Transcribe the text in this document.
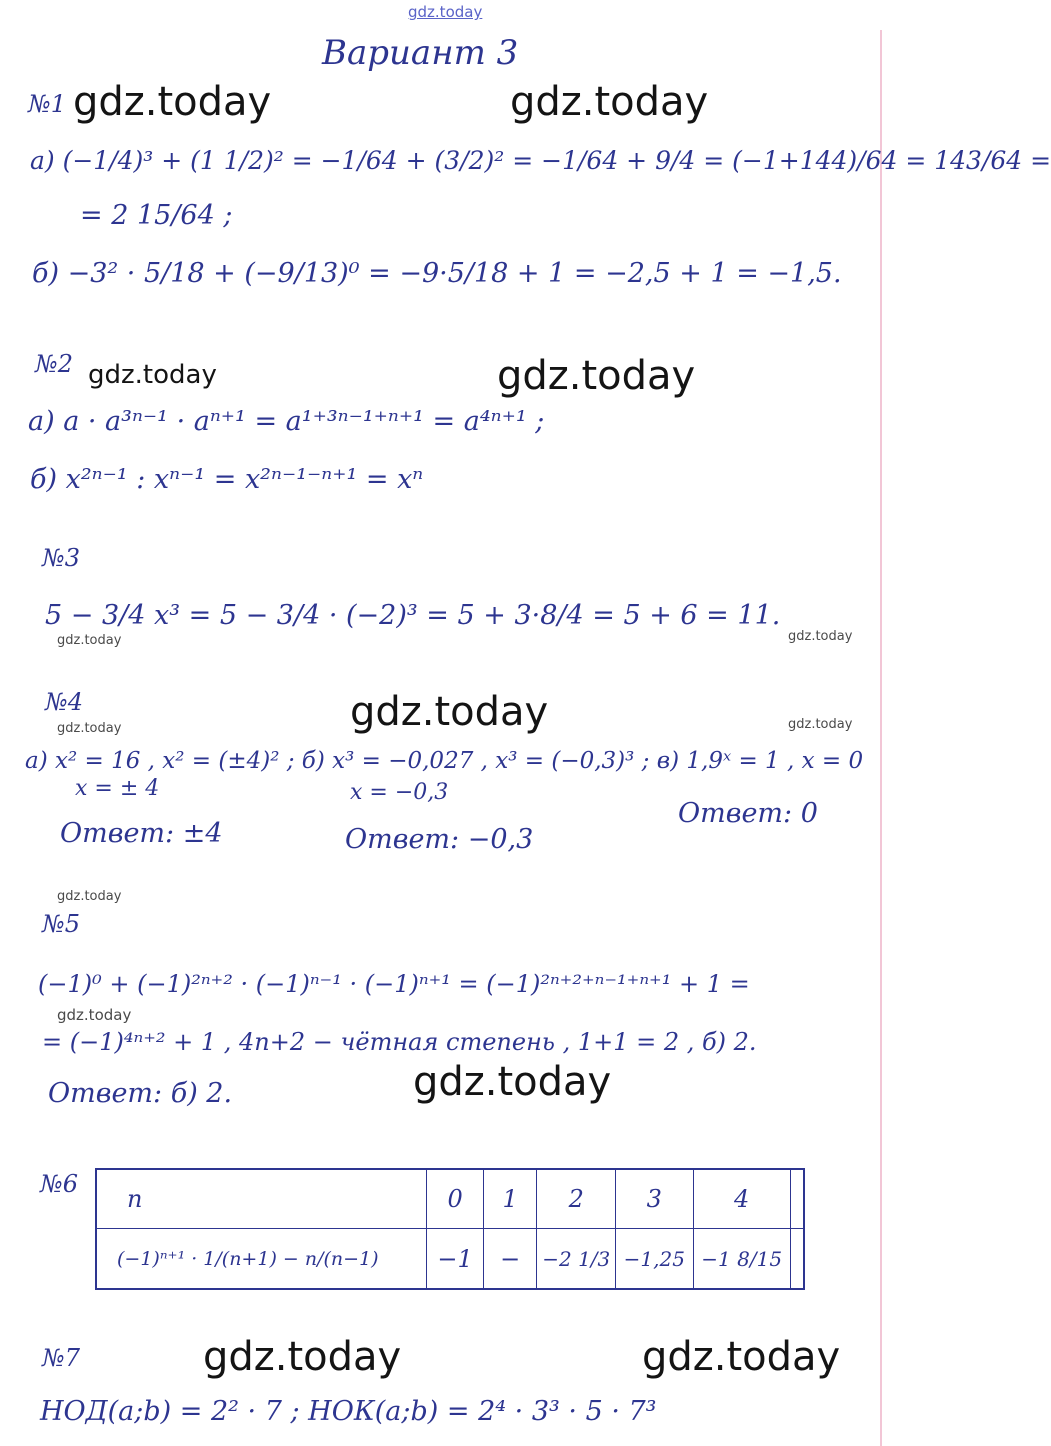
gdz.today
Вариант 3
№1 gdz.today	gdz.today
а) (−1/4)³ + (1 1/2)² = −1/64 + (3/2)² = −1/64 + 9/4 = (−1+144)/64 = 143/64 =
= 2 15/64 ;
б) −3² · 5/18 + (−9/13)⁰ = −9·5/18 + 1 = −2,5 + 1 = −1,5.
№2 gdz.today	gdz.today
а) a · a³ⁿ⁻¹ · aⁿ⁺¹ = a¹⁺³ⁿ⁻¹⁺ⁿ⁺¹ = a⁴ⁿ⁺¹ ;
б) x²ⁿ⁻¹ : xⁿ⁻¹ = x²ⁿ⁻¹⁻ⁿ⁺¹ = xⁿ
№3
5 − 3/4 x³ = 5 − 3/4 · (−2)³ = 5 + 3·8/4 = 5 + 6 = 11.
gdz.today	gdz.today
№4	gdz.today
gdz.today	gdz.today
а) x² = 16 , x² = (±4)² ; б) x³ = −0,027 , x³ = (−0,3)³ ; в) 1,9ˣ = 1 , x = 0
x = ± 4	x = −0,3
Ответ: ±4	Ответ: −0,3
Ответ: 0
gdz.today
№5
(−1)⁰ + (−1)²ⁿ⁺² · (−1)ⁿ⁻¹ · (−1)ⁿ⁺¹ = (−1)²ⁿ⁺²⁺ⁿ⁻¹⁺ⁿ⁺¹ + 1 =
gdz.today
= (−1)⁴ⁿ⁺² + 1 , 4n+2 − чётная степень , 1+1 = 2 , б) 2.
gdz.today
Ответ: б) 2.
№6
n	0	1	2	3	4	
(−1)ⁿ⁺¹ · 1/(n+1) − n/(n−1)	−1	−	−2 1/3	−1,25	−1 8/15	
№7	gdz.today	gdz.today
НОД(a;b) = 2² · 7 ; НОК(a;b) = 2⁴ · 3³ · 5 · 7³
